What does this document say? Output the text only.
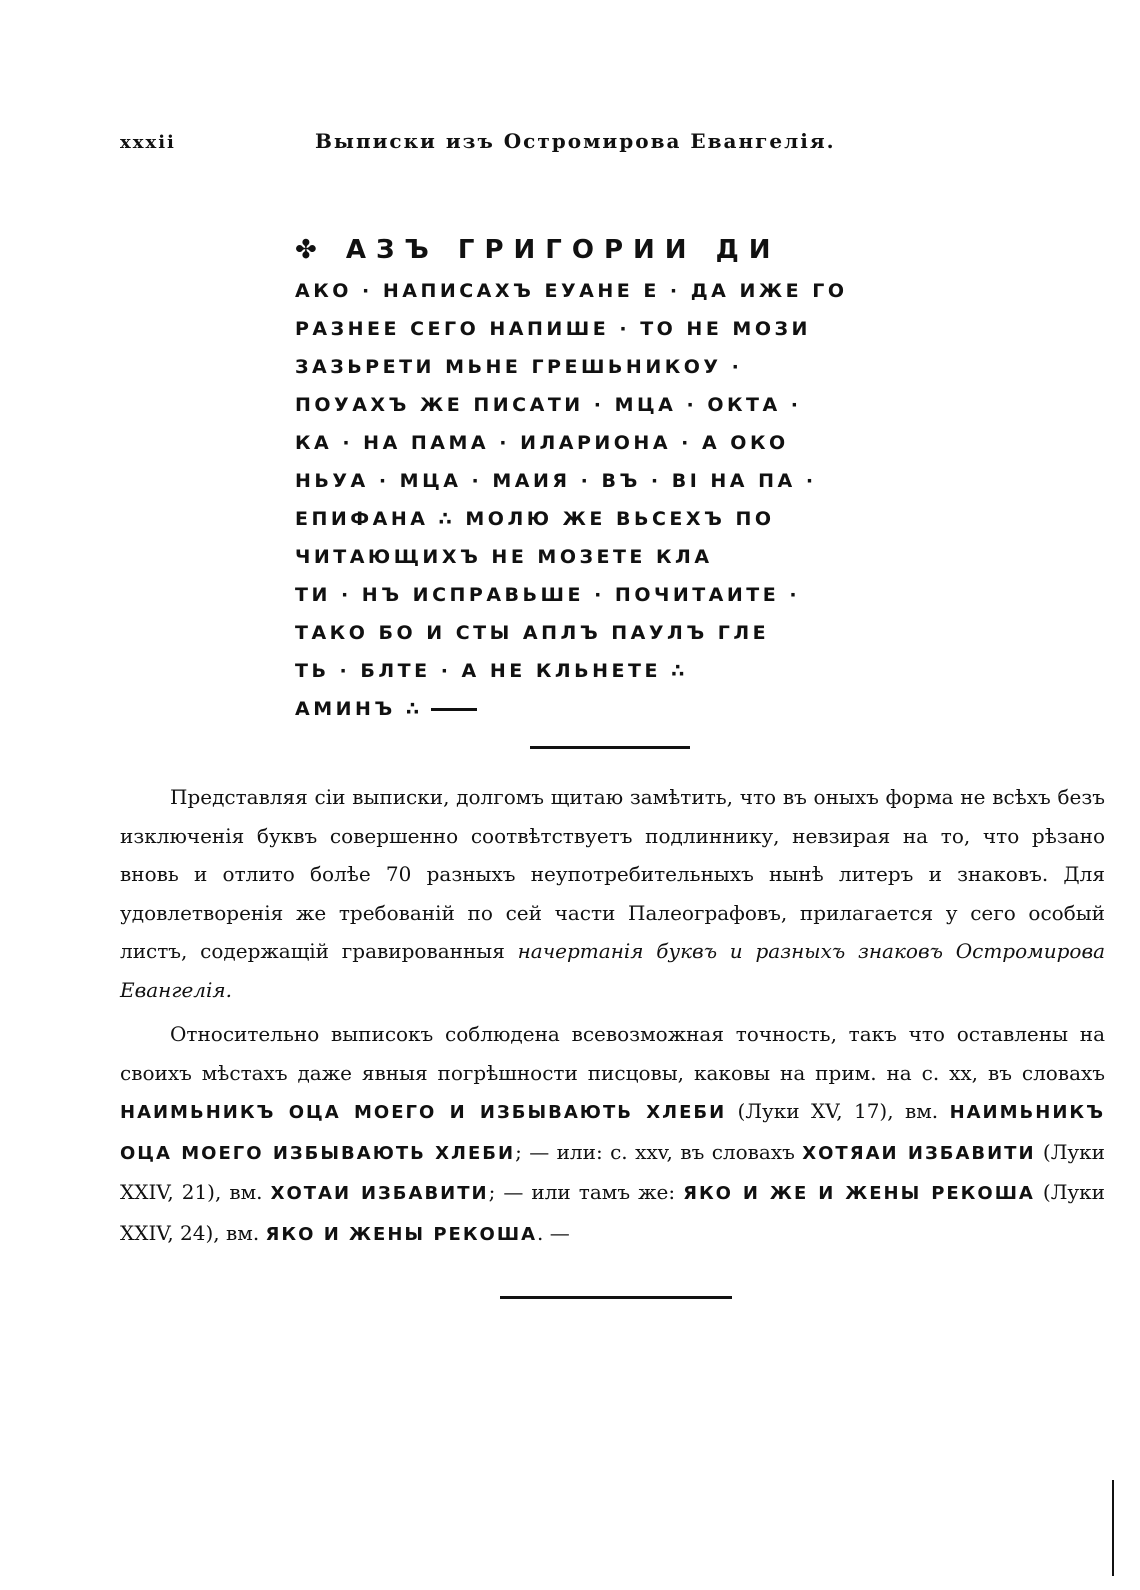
xxxii	Выписки изъ Остромирова Евангелія.
✤ АЗЪ ГРИГОРИИ ДИ
АКО · НАПИСАХЪ ЕУАНЕ Е · ДА ИЖЕ ГО
РАЗНЕЕ СЕГО НАПИШЕ · ТО НЕ МОЗИ
ЗАЗЬРЕТИ МЬНЕ ГРЕШЬНИКОУ ·
ПОУАХЪ ЖЕ ПИСАТИ · МЦА · ОКТА ·
КА · НА ПАМА · ИЛАРИОНА · А ОКО
НЬУА · МЦА · МАИЯ · ВЪ · ВІ НА ПА ·
ЕПИФАНА ∴ МОЛЮ ЖЕ ВЬСЕХЪ ПО
ЧИТАЮЩИХЪ НЕ МОЗЕТЕ КЛА
ТИ · НЪ ИСПРАВЬШЕ · ПОЧИТАИТЕ ·
ТАКО БО И СТЫ АПЛЪ ПАУЛЪ ГЛЕ
ТЬ · БЛТЕ · А НЕ КЛЬНЕТЕ ∴
АМИНЪ ∴

Представляя сіи выписки, долгомъ щитаю замѣтить, что въ оныхъ форма не всѣхъ безъ изключенія буквъ совершенно соотвѣтствуетъ подлиннику, невзирая на то, что рѣзано вновь и отлито болѣе 70 разныхъ неупотребительныхъ нынѣ литеръ и знаковъ. Для удовлетворенія же требованій по сей части Палеографовъ, прилагается у сего особый листъ, содержащій гравированныя начертанія буквъ и разныхъ знаковъ Остромирова Евангелія.

Относительно выписокъ соблюдена всевозможная точность, такъ что оставлены на своихъ мѣстахъ даже явныя погрѣшности писцовы, каковы на прим. на с. xx, въ словахъ НАИМЬНИКЪ ОЦА МОЕГО И ИЗБЫВАЮТЬ ХЛЕБИ (Луки XV, 17), вм. НАИМЬНИКЪ ОЦА МОЕГО ИЗБЫВАЮТЬ ХЛЕБИ; — или: с. xxv, въ словахъ ХОТЯАИ ИЗБАВИТИ (Луки XXIV, 21), вм. ХОТАИ ИЗБАВИТИ; — или тамъ же: ЯКО И ЖЕ И ЖЕНЫ РЕКОША (Луки XXIV, 24), вм. ЯКО И ЖЕНЫ РЕКОША. —
